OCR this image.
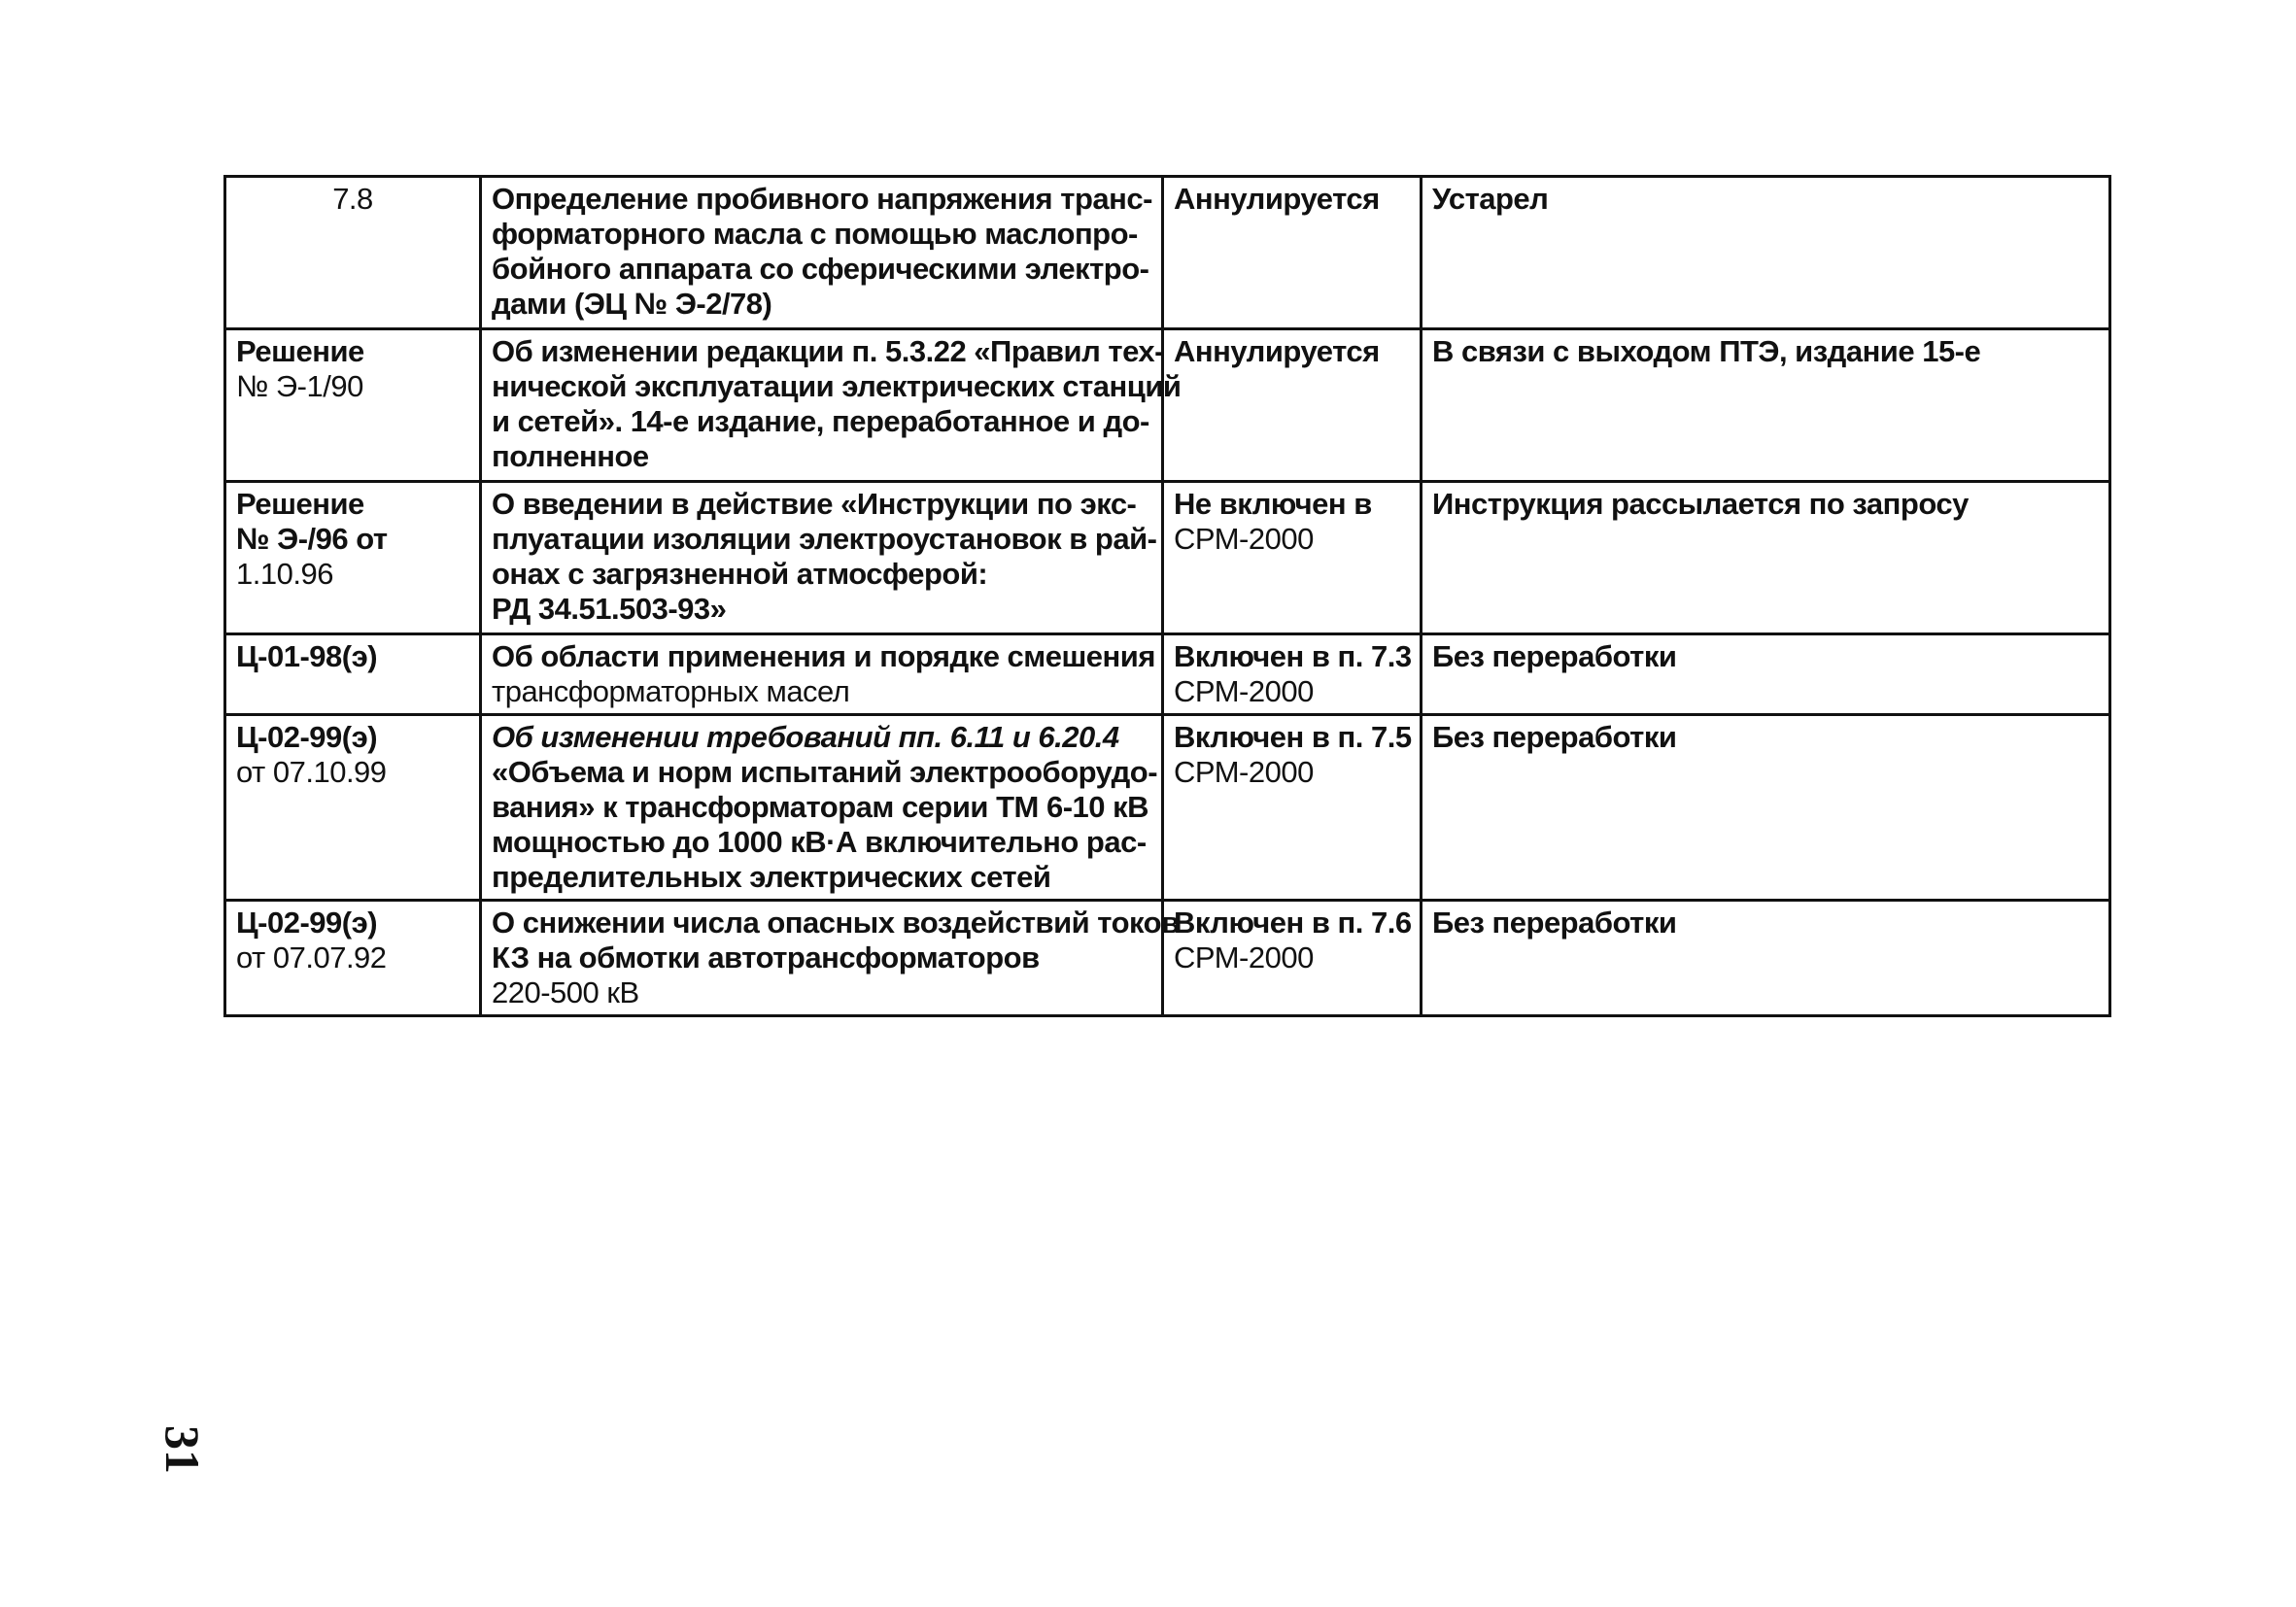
7.8	Определение пробивного напряжения транс-
форматорного масла с помощью маслопро-
бойного аппарата со сферическими электро-
дами (ЭЦ № Э-2/78)	Аннулируется	Устарел

Решение
№ Э-1/90	Об изменении редакции п. 5.3.22 «Правил тех-
нической эксплуатации электрических станций
и сетей». 14-е издание, переработанное и до-
полненное	Аннулируется	В связи с выходом ПТЭ, издание 15-е

Решение
№ Э-/96 от
1.10.96	О введении в действие «Инструкции по экс-
плуатации изоляции электроустановок в рай-
онах с загрязненной атмосферой:
РД 34.51.503-93»	Не включен в
СРМ-2000	Инструкция рассылается по запросу

Ц-01-98(э)	Об области применения и порядке смешения
трансформаторных масел	Включен в п. 7.3
СРМ-2000	Без переработки

Ц-02-99(э)
от 07.10.99	Об изменении требований пп. 6.11 и 6.20.4
«Объема и норм испытаний электрооборудо-
вания» к трансформаторам серии ТМ 6-10 кВ
мощностью до 1000 кВ·А включительно рас-
пределительных электрических сетей	Включен в п. 7.5
СРМ-2000	Без переработки

Ц-02-99(э)
от 07.07.92	О снижении числа опасных воздействий токов
КЗ на обмотки автотрансформаторов
220-500 кВ	Включен в п. 7.6
СРМ-2000	Без переработки
31
